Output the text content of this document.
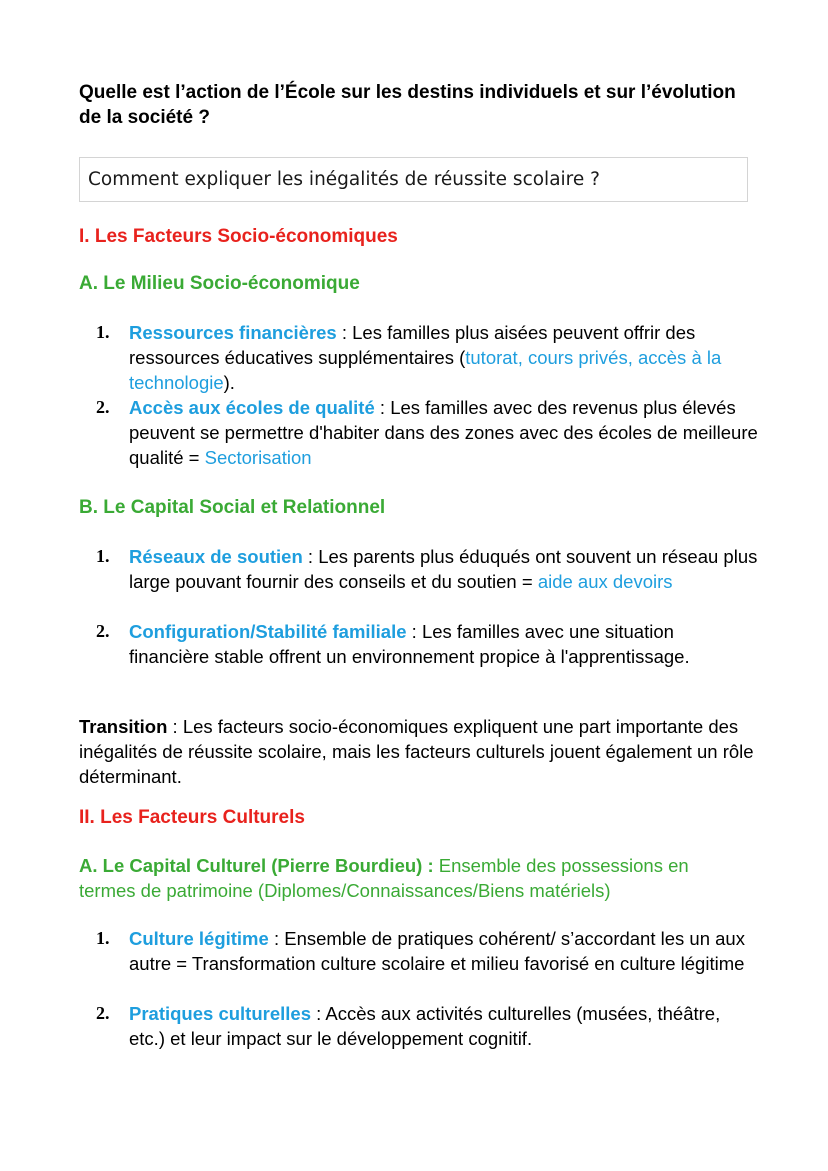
Quelle est l’action de l’École sur les destins individuels et sur l’évolution de la société ?
Comment expliquer les inégalités de réussite scolaire ?
I. Les Facteurs Socio-économiques
A. Le Milieu Socio-économique
1. Ressources financières : Les familles plus aisées peuvent offrir des ressources éducatives supplémentaires (tutorat, cours privés, accès à la technologie).
2. Accès aux écoles de qualité : Les familles avec des revenus plus élevés peuvent se permettre d'habiter dans des zones avec des écoles de meilleure qualité = Sectorisation
B. Le Capital Social et Relationnel
1. Réseaux de soutien : Les parents plus éduqués ont souvent un réseau plus large pouvant fournir des conseils et du soutien = aide aux devoirs
2. Configuration/Stabilité familiale : Les familles avec une situation financière stable offrent un environnement propice à l'apprentissage.
Transition : Les facteurs socio-économiques expliquent une part importante des inégalités de réussite scolaire, mais les facteurs culturels jouent également un rôle déterminant.
II. Les Facteurs Culturels
A. Le Capital Culturel (Pierre Bourdieu) : Ensemble des possessions en termes de patrimoine (Diplomes/Connaissances/Biens matériels)
1. Culture légitime : Ensemble de pratiques cohérent/ s’accordant les un aux autre = Transformation culture scolaire et milieu favorisé en culture légitime
2. Pratiques culturelles : Accès aux activités culturelles (musées, théâtre, etc.) et leur impact sur le développement cognitif.
